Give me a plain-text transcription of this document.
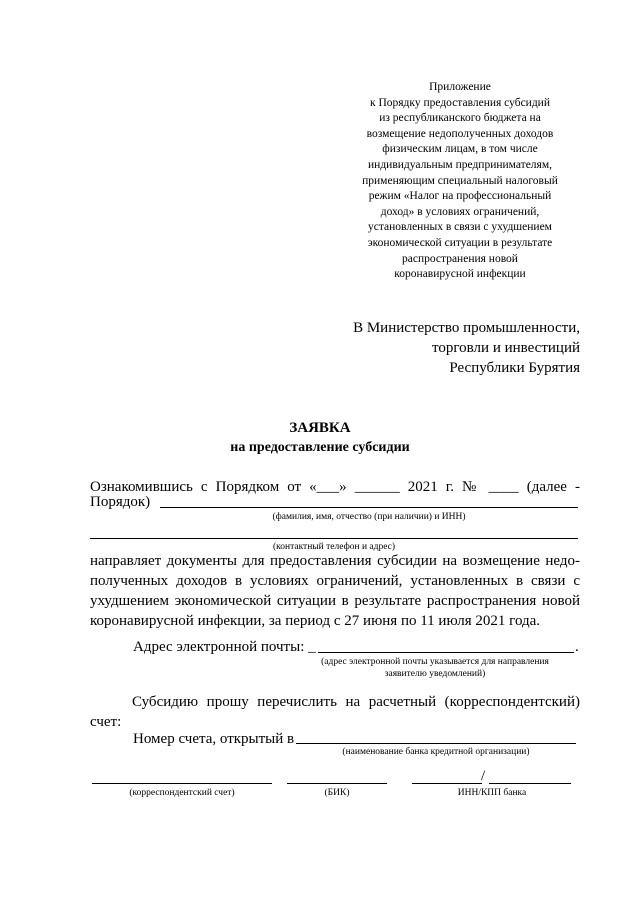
Приложение
к Порядку предоставления субсидий
из республиканского бюджета на
возмещение недополученных доходов
физическим лицам, в том числе
индивидуальным предпринимателям,
применяющим специальный налоговый
режим «Налог на профессиональный
доход» в условиях ограничений,
установленных в связи с ухудшением
экономической ситуации в результате
распространения новой
коронавирусной инфекции
В Министерство промышленности,
торговли и инвестиций
Республики Бурятия
ЗАЯВКА
на предоставление субсидии
Ознакомившись с Порядком от «___» ______ 2021 г. № ____ (далее -
Порядок)
(фамилия, имя, отчество (при наличии) и ИНН)
(контактный телефон и адрес)
направляет документы для предоставления субсидии на возмещение недо-
полученных доходов в условиях ограничений, установленных в связи с
ухудшением экономической ситуации в результате распространения новой
коронавирусной инфекции, за период с 27 июня по 11 июля 2021 года.
Адрес электронной почты: _	.
(адрес электронной почты указывается для направления
заявителю уведомлений)
Субсидию прошу перечислить на расчетный (корреспондентский)
счет:
Номер счета, открытый в
(наименование банка кредитной организации)
/
(корреспондентский счет)	(БИК)	ИНН/КПП банка
